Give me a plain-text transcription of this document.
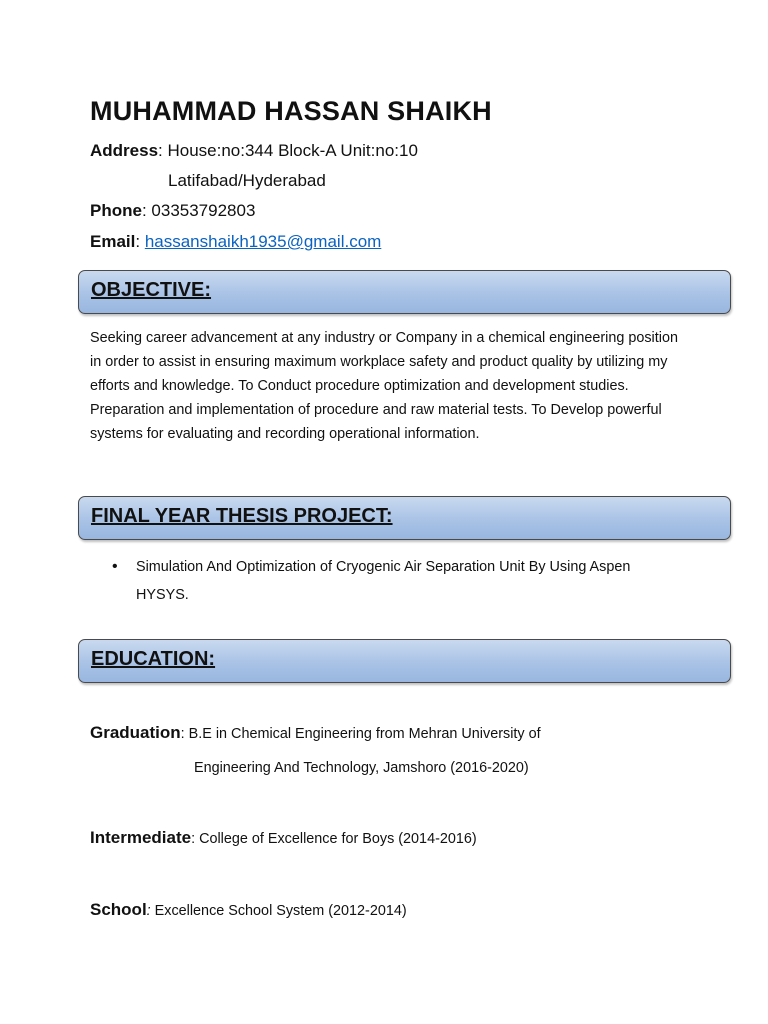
MUHAMMAD HASSAN SHAIKH
Address: House:no:344 Block-A Unit:no:10
Latifabad/Hyderabad
Phone: 03353792803
Email: hassanshaikh1935@gmail.com
OBJECTIVE:
Seeking career advancement at any industry or Company in a chemical engineering position in order to assist in ensuring maximum workplace safety and product quality by utilizing my efforts and knowledge. To Conduct procedure optimization and development studies. Preparation and implementation of procedure and raw material tests. To Develop powerful systems for evaluating and recording operational information.
FINAL YEAR THESIS PROJECT:
• Simulation And Optimization of Cryogenic Air Separation Unit By Using Aspen HYSYS.
EDUCATION:
Graduation: B.E in Chemical Engineering from Mehran University of
Engineering And Technology, Jamshoro (2016-2020)
Intermediate: College of Excellence for Boys (2014-2016)
School: Excellence School System (2012-2014)
